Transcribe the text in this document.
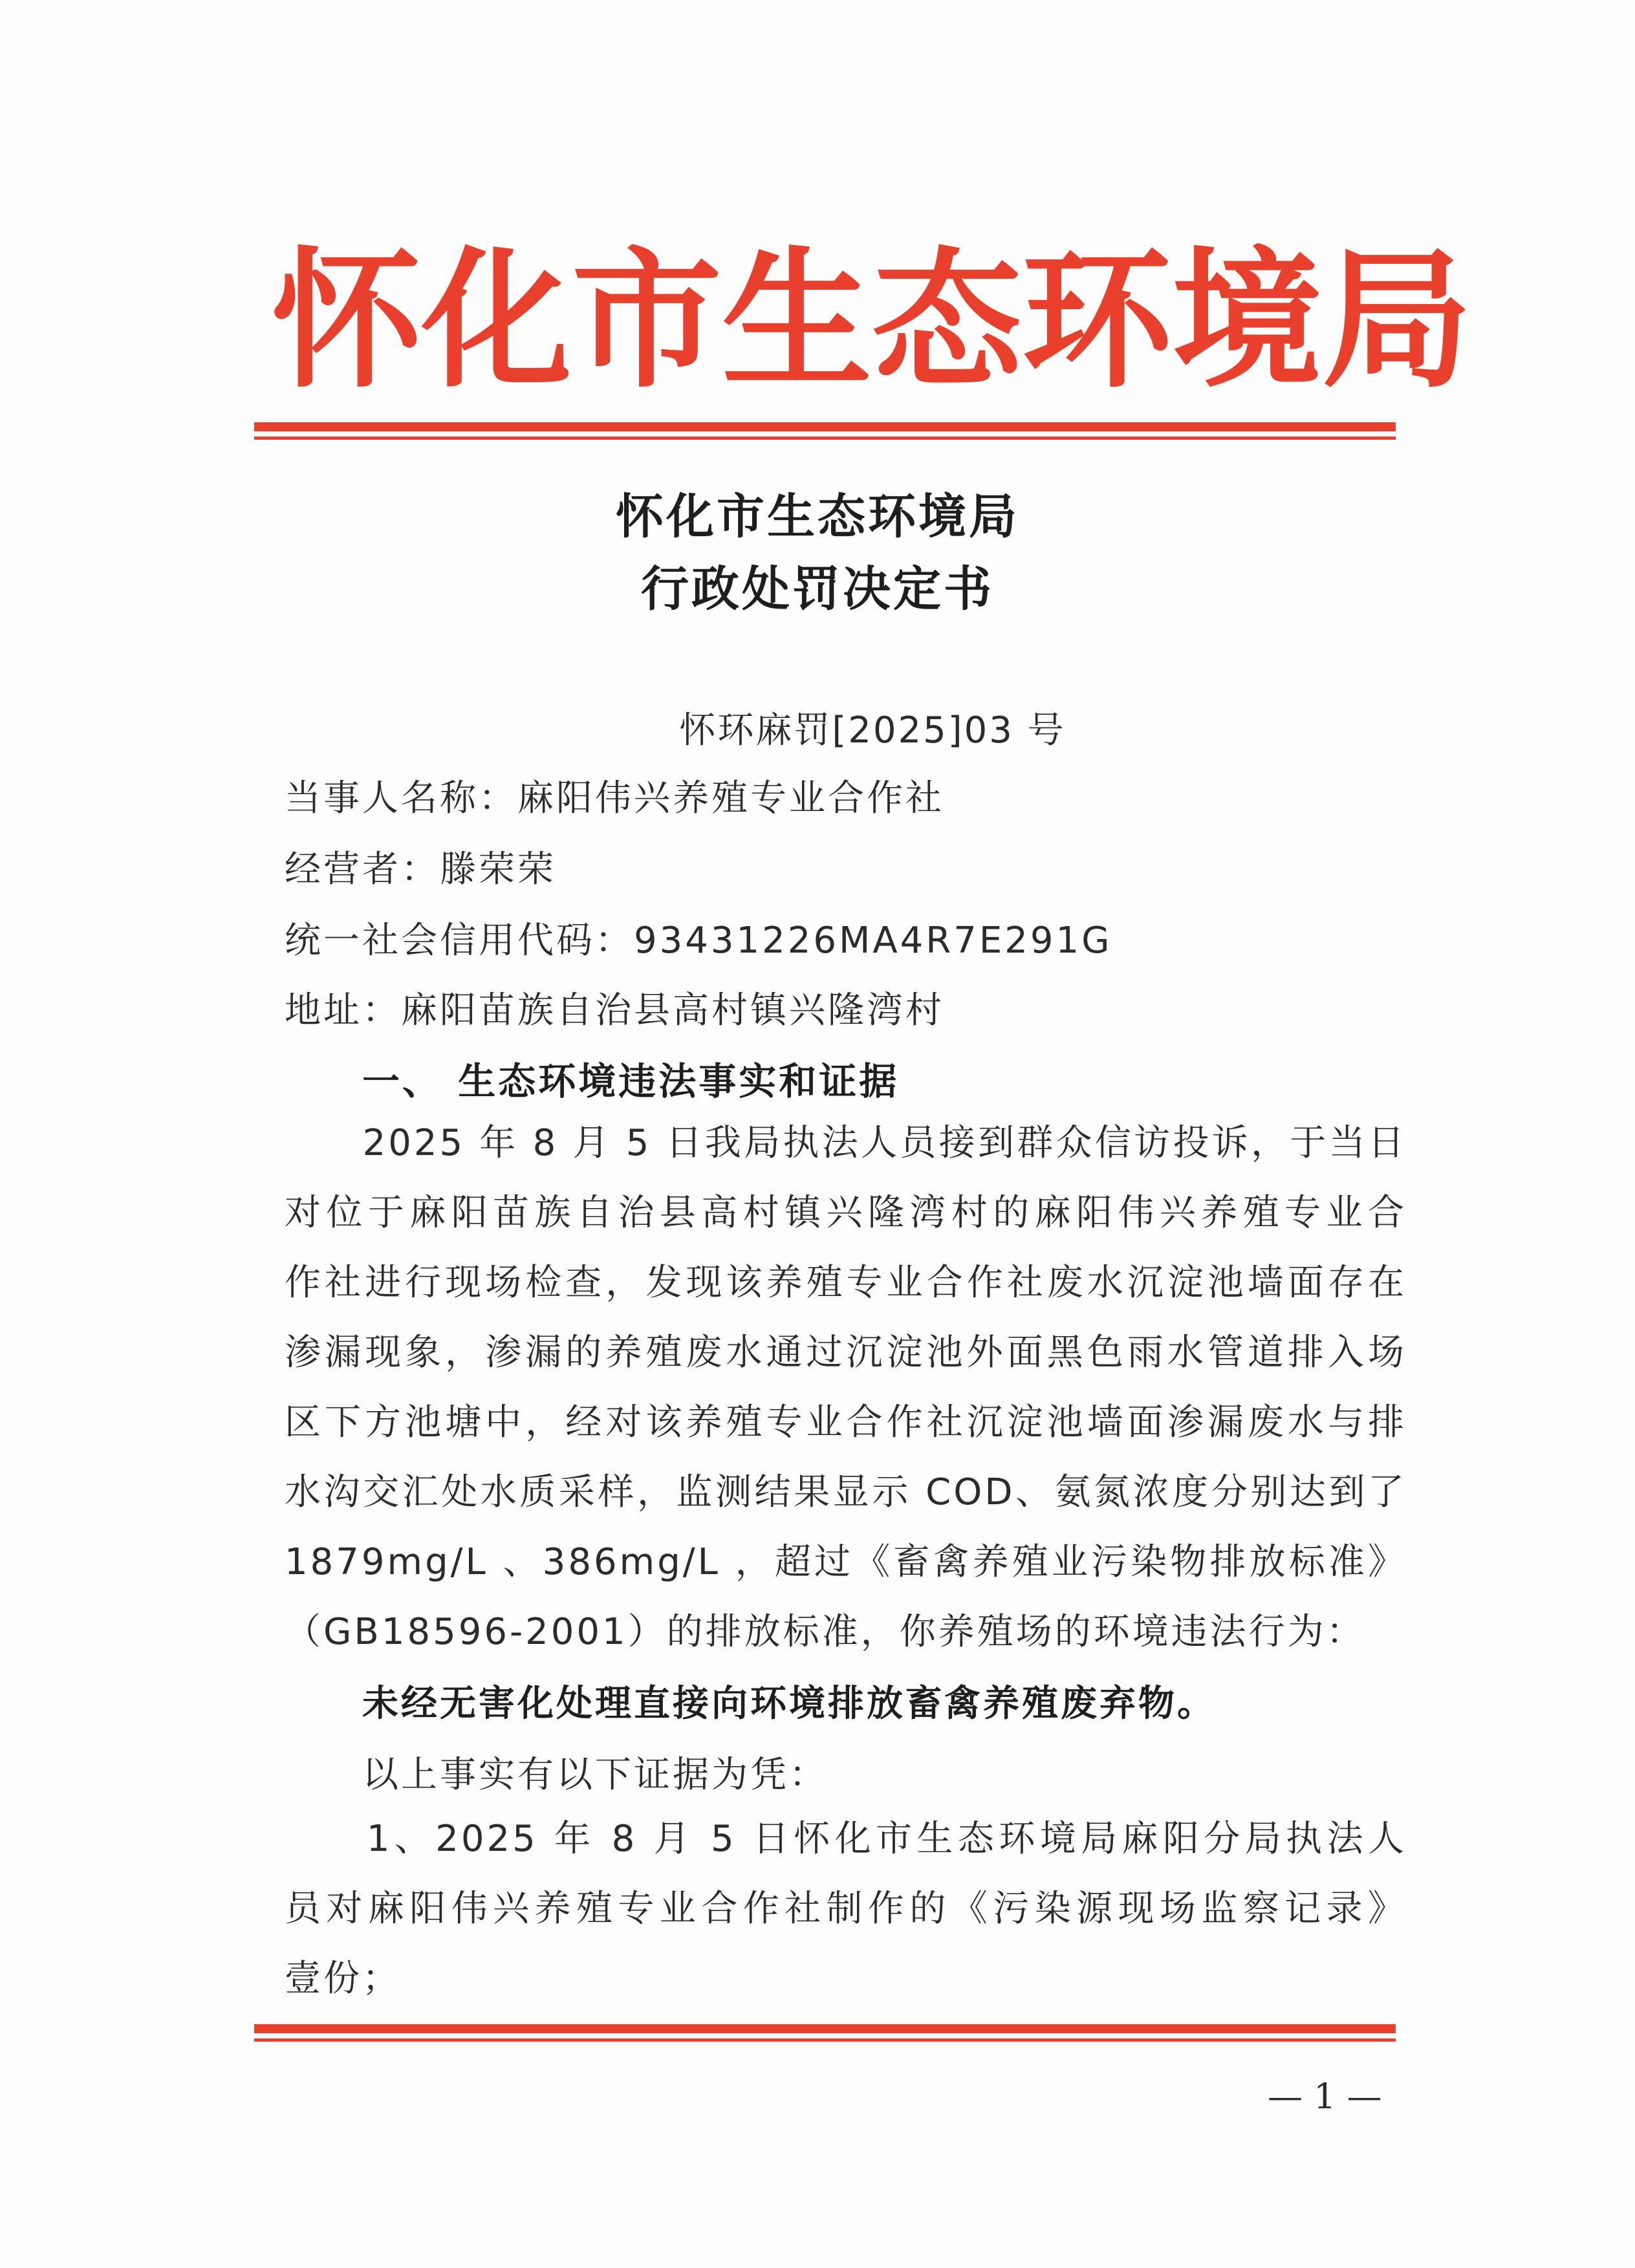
怀 化 市 生 态 环 境 局
怀化市生态环境局
行政处罚决定书
怀环麻罚[2025]03 号
当事人名称：麻阳伟兴养殖专业合作社
经营者：滕荣荣
统一社会信用代码：93431226MA4R7E291G
地址：麻阳苗族自治县高村镇兴隆湾村
一、 生态环境违法事实和证据
　　2025 年 8 月 5 日我局执法人员接到群众信访投诉，于当日
对位于麻阳苗族自治县高村镇兴隆湾村的麻阳伟兴养殖专业合
作社进行现场检查，发现该养殖专业合作社废水沉淀池墙面存在
渗漏现象，渗漏的养殖废水通过沉淀池外面黑色雨水管道排入场
区下方池塘中，经对该养殖专业合作社沉淀池墙面渗漏废水与排
水沟交汇处水质采样，监测结果显示 COD、氨氮浓度分别达到了
1879mg/L 、386mg/L ，超过《畜禽养殖业污染物排放标准》
（GB18596-2001）的排放标准，你养殖场的环境违法行为：
未经无害化处理直接向环境排放畜禽养殖废弃物。
以上事实有以下证据为凭：
　　1、2025 年 8 月 5 日怀化市生态环境局麻阳分局执法人
员对麻阳伟兴养殖专业合作社制作的《污染源现场监察记录》
壹份；
— 1 —
